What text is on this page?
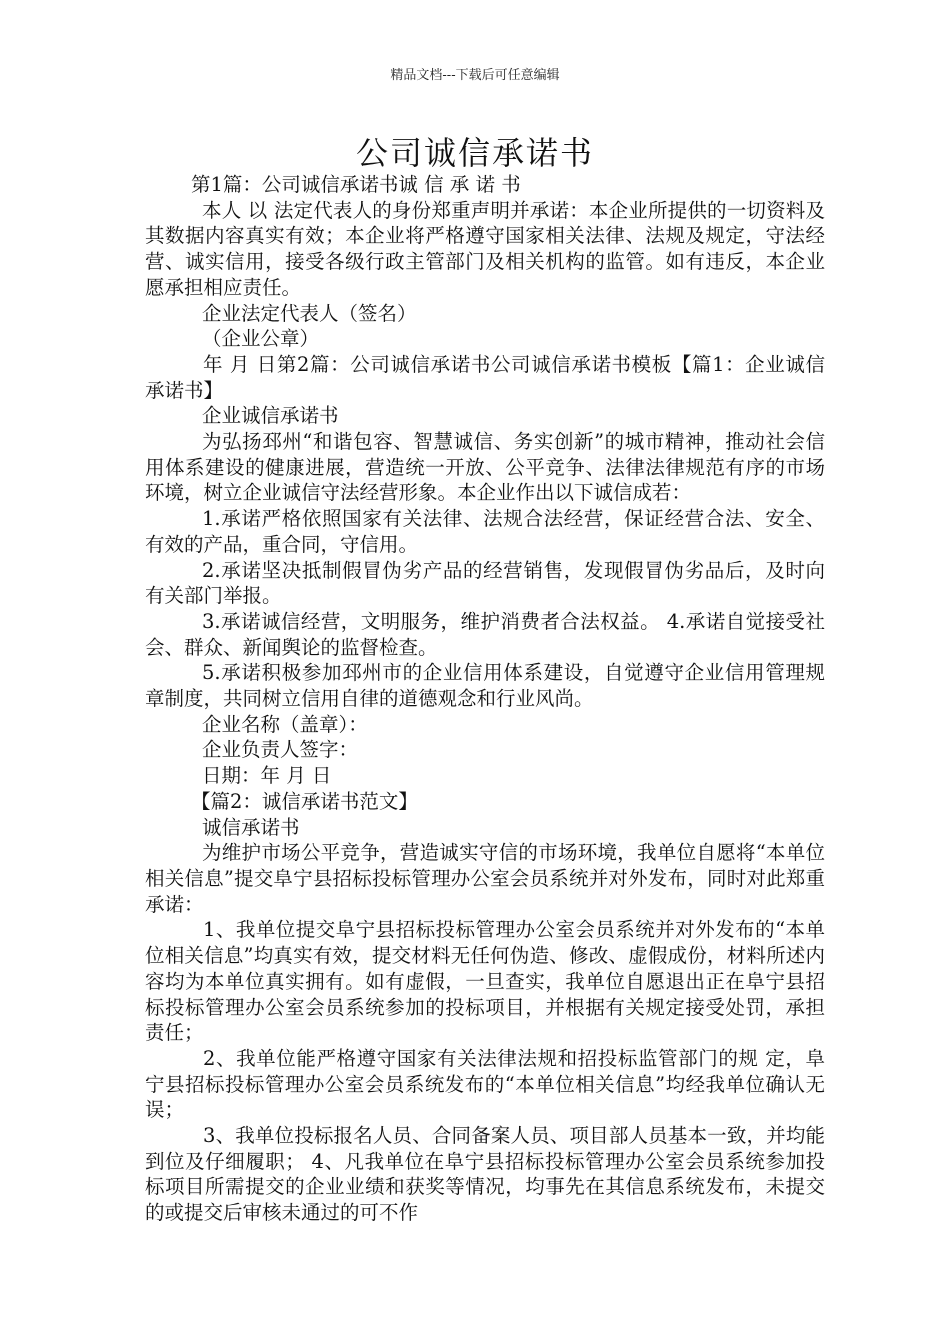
精品文档---下载后可任意编辑
公司诚信承诺书

第1篇：公司诚信承诺书诚 信 承 诺 书

本人 以 法定代表人的身份郑重声明并承诺：本企业所提供的一切资料及其数据内容真实有效；本企业将严格遵守国家相关法律、法规及规定，守法经营、诚实信用，接受各级行政主管部门及相关机构的监管。如有违反，本企业愿承担相应责任。

企业法定代表人（签名）

（企业公章）

年 月 日第2篇：公司诚信承诺书公司诚信承诺书模板【篇1：企业诚信承诺书】

企业诚信承诺书

为弘扬邳州“和谐包容、智慧诚信、务实创新”的城市精神，推动社会信用体系建设的健康进展，营造统一开放、公平竞争、法律法律规范有序的市场环境，树立企业诚信守法经营形象。本企业作出以下诚信成若：

1.承诺严格依照国家有关法律、法规合法经营，保证经营合法、安全、有效的产品，重合同，守信用。

2.承诺坚决抵制假冒伪劣产品的经营销售，发现假冒伪劣品后，及时向有关部门举报。

3.承诺诚信经营，文明服务，维护消费者合法权益。 4.承诺自觉接受社会、群众、新闻舆论的监督检查。

5.承诺积极参加邳州市的企业信用体系建设，自觉遵守企业信用管理规章制度，共同树立信用自律的道德观念和行业风尚。

企业名称（盖章）：

企业负责人签字：

日期：年 月 日

【篇2：诚信承诺书范文】

诚信承诺书

为维护市场公平竞争，营造诚实守信的市场环境，我单位自愿将“本单位相关信息”提交阜宁县招标投标管理办公室会员系统并对外发布，同时对此郑重承诺：

1、我单位提交阜宁县招标投标管理办公室会员系统并对外发布的“本单位相关信息”均真实有效，提交材料无任何伪造、修改、虚假成份，材料所述内容均为本单位真实拥有。如有虚假，一旦查实，我单位自愿退出正在阜宁县招标投标管理办公室会员系统参加的投标项目，并根据有关规定接受处罚，承担责任；

2、我单位能严格遵守国家有关法律法规和招投标监管部门的规 定，阜宁县招标投标管理办公室会员系统发布的“本单位相关信息”均经我单位确认无误；

3、我单位投标报名人员、合同备案人员、项目部人员基本一致，并均能到位及仔细履职； 4、凡我单位在阜宁县招标投标管理办公室会员系统参加投标项目所需提交的企业业绩和获奖等情况，均事先在其信息系统发布，未提交的或提交后审核未通过的可不作
